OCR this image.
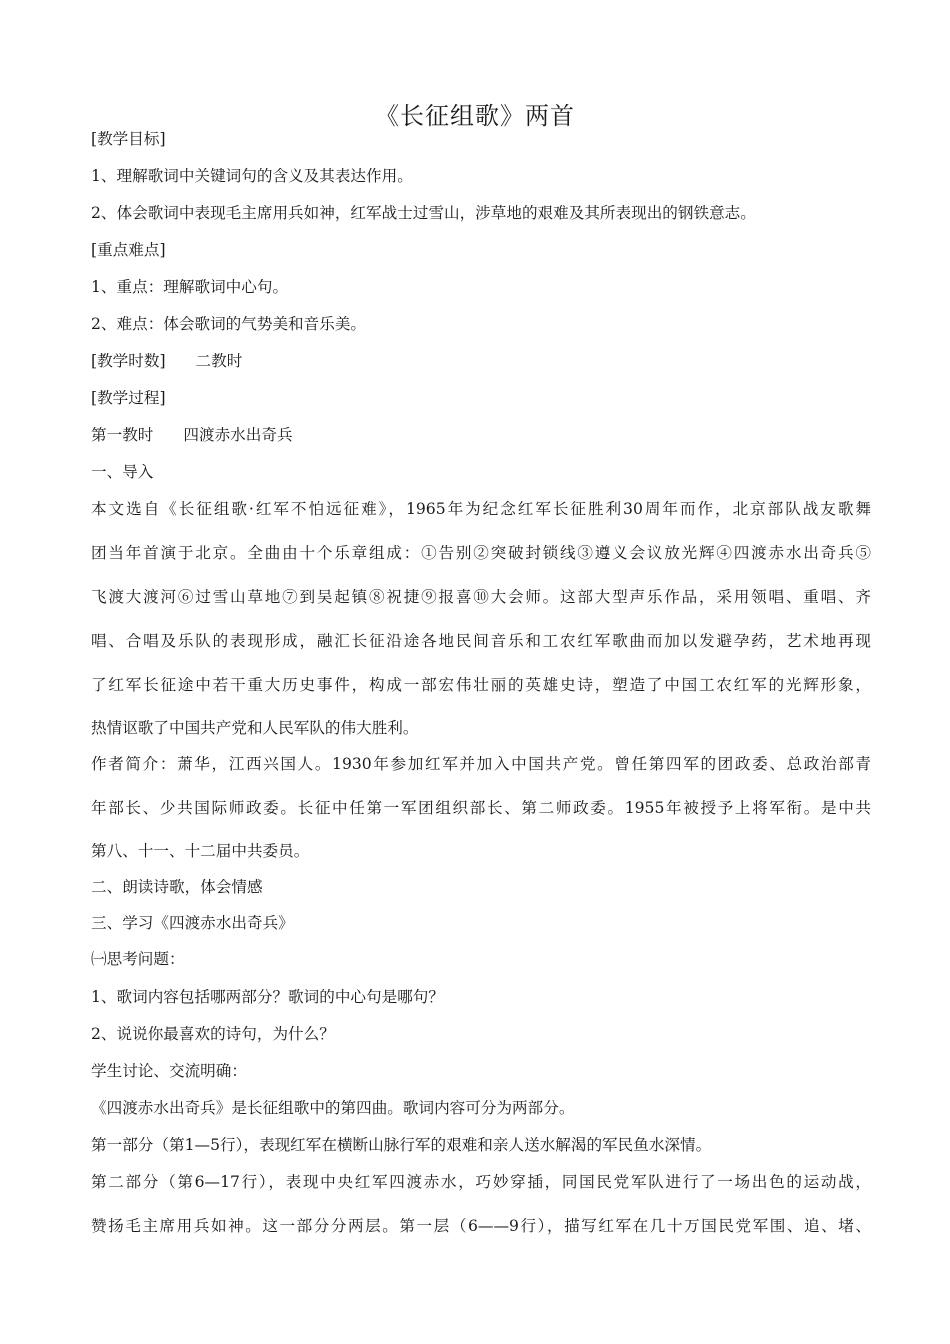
《长征组歌》两首
[教学目标]
1、理解歌词中关键词句的含义及其表达作用。
2、体会歌词中表现毛主席用兵如神，红军战士过雪山，涉草地的艰难及其所表现出的钢铁意志。
[重点难点]
1、重点：理解歌词中心句。
2、难点：体会歌词的气势美和音乐美。
[教学时数] 二教时
[教学过程]
第一教时 四渡赤水出奇兵
一、导入
本文选自《长征组歌·红军不怕远征难》，1965年为纪念红军长征胜利30周年而作，北京部队战友歌舞
团当年首演于北京。全曲由十个乐章组成：①告别②突破封锁线③遵义会议放光辉④四渡赤水出奇兵⑤
飞渡大渡河⑥过雪山草地⑦到吴起镇⑧祝捷⑨报喜⑩大会师。这部大型声乐作品，采用领唱、重唱、齐
唱、合唱及乐队的表现形成，融汇长征沿途各地民间音乐和工农红军歌曲而加以发避孕药，艺术地再现
了红军长征途中若干重大历史事件，构成一部宏伟壮丽的英雄史诗，塑造了中国工农红军的光辉形象，
热情讴歌了中国共产党和人民军队的伟大胜利。
作者简介：萧华，江西兴国人。1930年参加红军并加入中国共产党。曾任第四军的团政委、总政治部青
年部长、少共国际师政委。长征中任第一军团组织部长、第二师政委。1955年被授予上将军衔。是中共
第八、十一、十二届中共委员。
二、朗读诗歌，体会情感
三、学习《四渡赤水出奇兵》
㈠思考问题：
1、歌词内容包括哪两部分？歌词的中心句是哪句？
2、说说你最喜欢的诗句，为什么？
学生讨论、交流明确：
《四渡赤水出奇兵》是长征组歌中的第四曲。歌词内容可分为两部分。
第一部分（第1—5行），表现红军在横断山脉行军的艰难和亲人送水解渴的军民鱼水深情。
第二部分（第6—17行），表现中央红军四渡赤水，巧妙穿插，同国民党军队进行了一场出色的运动战，
赞扬毛主席用兵如神。这一部分分两层。第一层（6——9行），描写红军在几十万国民党军围、追、堵、
